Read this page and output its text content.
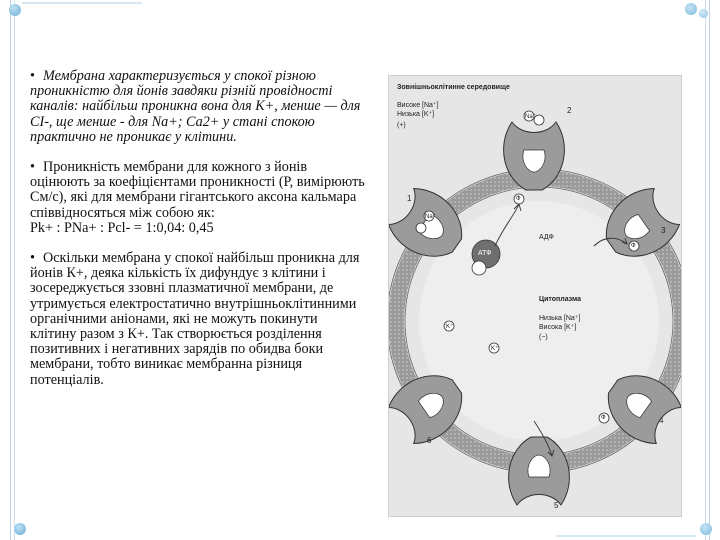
• Мембрана характеризується у спокої різною проникністю для йонів завдяки різній провідності каналів: найбільш проникна вона для К+, менше — для СІ-, ще менше - для Na+; Са2+ у стані спокою практично не проникає у клітини.

• Проникність мембрани для кожного з йонів оцінюють за коефіцієнтами проникності (Р, вимірюють См/с), які для мембрани гігантського аксона кальмара співвідносяться між собою як:
Pk+ : PNa+ : Pcl- = 1:0,04: 0,45

• Оскільки мембрана у спокої найбільш проникна для йонів К+, деяка кількість їх дифундує з клітини і зосереджується ззовні плазматичної мембрани, де утримується електростатично внутрішньоклітинними органічними аніонами, які не можуть покинути клітину разом з К+. Так створюється розділення позитивних і негативних зарядів по обидва боки мембрани, тобто виникає мембранна різниця потенціалів.

Зовнішньоклітинне середовище
Високе [Na⁺]
Низька [K⁺]
(+)
Цитоплазма
Низька [Na⁺]
Висока [K⁺]
(−)
АТФ
АДФ
Na⁺
Na⁺
K⁺
K⁺
Ф
Ф
Ф
1
2
3
4
5
6
